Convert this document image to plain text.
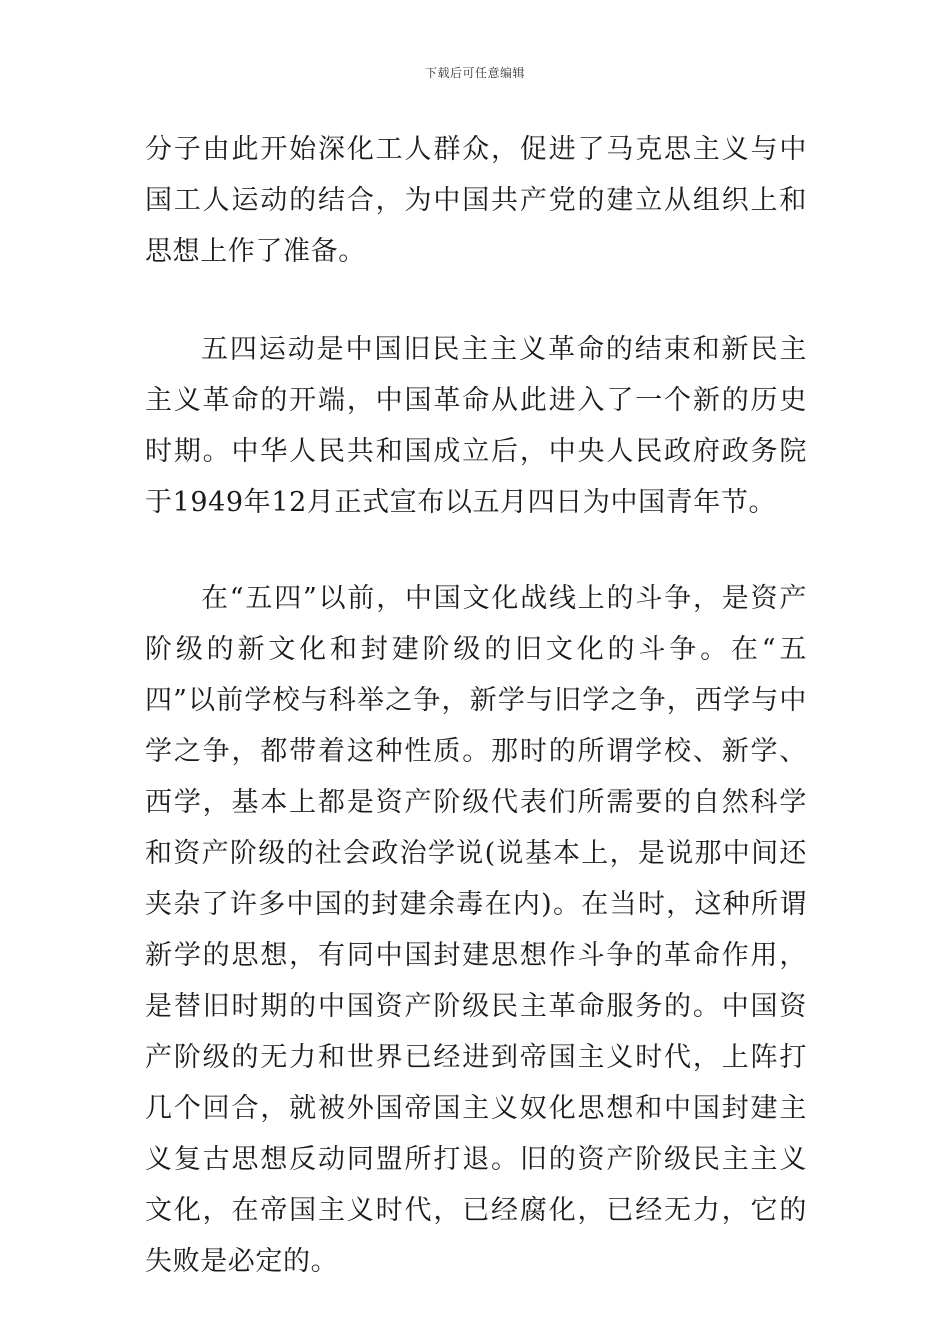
下载后可任意编辑

分子由此开始深化工人群众，促进了马克思主义与中国工人运动的结合，为中国共产党的建立从组织上和思想上作了准备。

五四运动是中国旧民主主义革命的结束和新民主主义革命的开端，中国革命从此进入了一个新的历史时期。中华人民共和国成立后，中央人民政府政务院于1949年12月正式宣布以五月四日为中国青年节。

在“五四”以前，中国文化战线上的斗争，是资产阶级的新文化和封建阶级的旧文化的斗争。在“五四”以前学校与科举之争，新学与旧学之争，西学与中学之争，都带着这种性质。那时的所谓学校、新学、西学，基本上都是资产阶级代表们所需要的自然科学和资产阶级的社会政治学说(说基本上，是说那中间还夹杂了许多中国的封建余毒在内)。在当时，这种所谓新学的思想，有同中国封建思想作斗争的革命作用，是替旧时期的中国资产阶级民主革命服务的。中国资产阶级的无力和世界已经进到帝国主义时代，上阵打几个回合，就被外国帝国主义奴化思想和中国封建主义复古思想反动同盟所打退。旧的资产阶级民主主义文化，在帝国主义时代，已经腐化，已经无力，它的失败是必定的。
